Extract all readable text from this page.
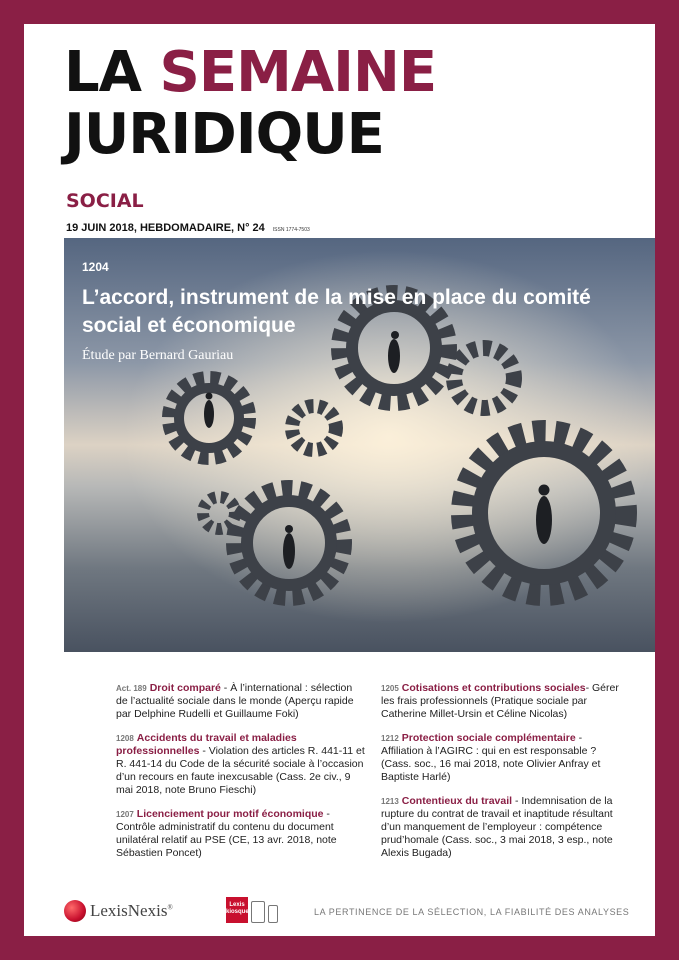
LA SEMAINE
JURIDIQUE
SOCIAL
19 JUIN 2018, HEBDOMADAIRE, N° 24 ISSN 1774-7503
1204
L’accord, instrument de la mise en place du comité social et économique
Étude par Bernard Gauriau
Act. 189 Droit comparé - À l’international : sélection de l’actualité sociale dans le monde (Aperçu rapide par Delphine Rudelli et Guillaume Foki)
1208 Accidents du travail et maladies professionnelles - Violation des articles R. 441-11 et R. 441-14 du Code de la sécurité sociale à l’occasion d’un recours en faute inexcusable (Cass. 2e civ., 9 mai 2018, note Bruno Fieschi)
1207 Licenciement pour motif économique - Contrôle administratif du contenu du document unilatéral relatif au PSE (CE, 13 avr. 2018, note Sébastien Poncet)
1205 Cotisations et contributions sociales- Gérer les frais professionnels (Pratique sociale par Catherine Millet-Ursin et Céline Nicolas)
1212 Protection sociale complémentaire - Affiliation à l’AGIRC : qui en est responsable ? (Cass. soc., 16 mai 2018, note Olivier Anfray et Baptiste Harlé)
1213 Contentieux du travail - Indemnisation de la rupture du contrat de travail et inaptitude résultant d’un manquement de l’employeur : compétence prud’homale (Cass. soc., 3 mai 2018, 3 esp., note Alexis Bugada)
LexisNexis®	Lexis
kiosque	LA PERTINENCE DE LA SÉLECTION, LA FIABILITÉ DES ANALYSES
